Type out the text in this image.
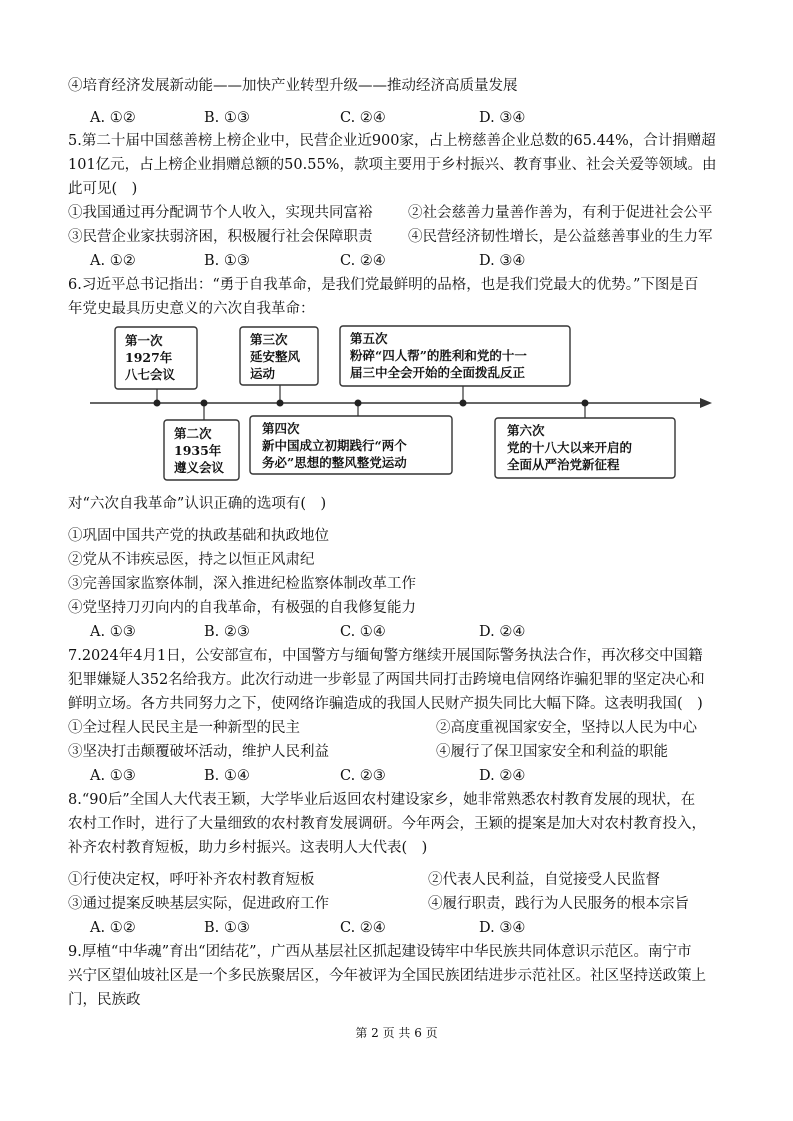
④培育经济发展新动能——加快产业转型升级——推动经济高质量发展
A. ①②	B. ①③	C. ②④	D. ③④
5.第二十届中国慈善榜上榜企业中，民营企业近900家，占上榜慈善企业总数的65.44%，合计捐赠超
101亿元，占上榜企业捐赠总额的50.55%，款项主要用于乡村振兴、教育事业、社会关爱等领域。由
此可见(　)
①我国通过再分配调节个人收入，实现共同富裕 ②社会慈善力量善作善为，有利于促进社会公平
③民营企业家扶弱济困，积极履行社会保障职责 ④民营经济韧性增长，是公益慈善事业的生力军
A. ①②	B. ①③	C. ②④	D. ③④
6.习近平总书记指出：“勇于自我革命，是我们党最鲜明的品格，也是我们党最大的优势。”下图是百
年党史最具历史意义的六次自我革命：
第一次
1927年
八七会议
第二次
1935年
遵义会议
第三次
延安整风
运动
第四次
新中国成立初期践行“两个
务必”思想的整风整党运动
第五次
粉碎“四人帮”的胜利和党的十一
届三中全会开始的全面拨乱反正
第六次
党的十八大以来开启的
全面从严治党新征程
对“六次自我革命”认识正确的选项有(　)
①巩固中国共产党的执政基础和执政地位
②党从不讳疾忌医，持之以恒正风肃纪
③完善国家监察体制，深入推进纪检监察体制改革工作
④党坚持刀刃向内的自我革命，有极强的自我修复能力
A. ①③	B. ②③	C. ①④	D. ②④
7.2024年4月1日，公安部宣布，中国警方与缅甸警方继续开展国际警务执法合作，再次移交中国籍
犯罪嫌疑人352名给我方。此次行动进一步彰显了两国共同打击跨境电信网络诈骗犯罪的坚定决心和
鲜明立场。各方共同努力之下，使网络诈骗造成的我国人民财产损失同比大幅下降。这表明我国(　)
①全过程人民民主是一种新型的民主	②高度重视国家安全，坚持以人民为中心
③坚决打击颠覆破坏活动，维护人民利益	④履行了保卫国家安全和利益的职能
A. ①③	B. ①④	C. ②③	D. ②④
8.“90后”全国人大代表王颖，大学毕业后返回农村建设家乡，她非常熟悉农村教育发展的现状，在
农村工作时，进行了大量细致的农村教育发展调研。今年两会，王颖的提案是加大对农村教育投入，
补齐农村教育短板，助力乡村振兴。这表明人大代表(　)
①行使决定权，呼吁补齐农村教育短板	②代表人民利益，自觉接受人民监督
③通过提案反映基层实际，促进政府工作	④履行职责，践行为人民服务的根本宗旨
A. ①②	B. ①③	C. ②④	D. ③④
9.厚植“中华魂”育出“团结花”，广西从基层社区抓起建设铸牢中华民族共同体意识示范区。南宁市
兴宁区望仙坡社区是一个多民族聚居区，今年被评为全国民族团结进步示范社区。社区坚持送政策上
门，民族政
第 2 页 共 6 页
